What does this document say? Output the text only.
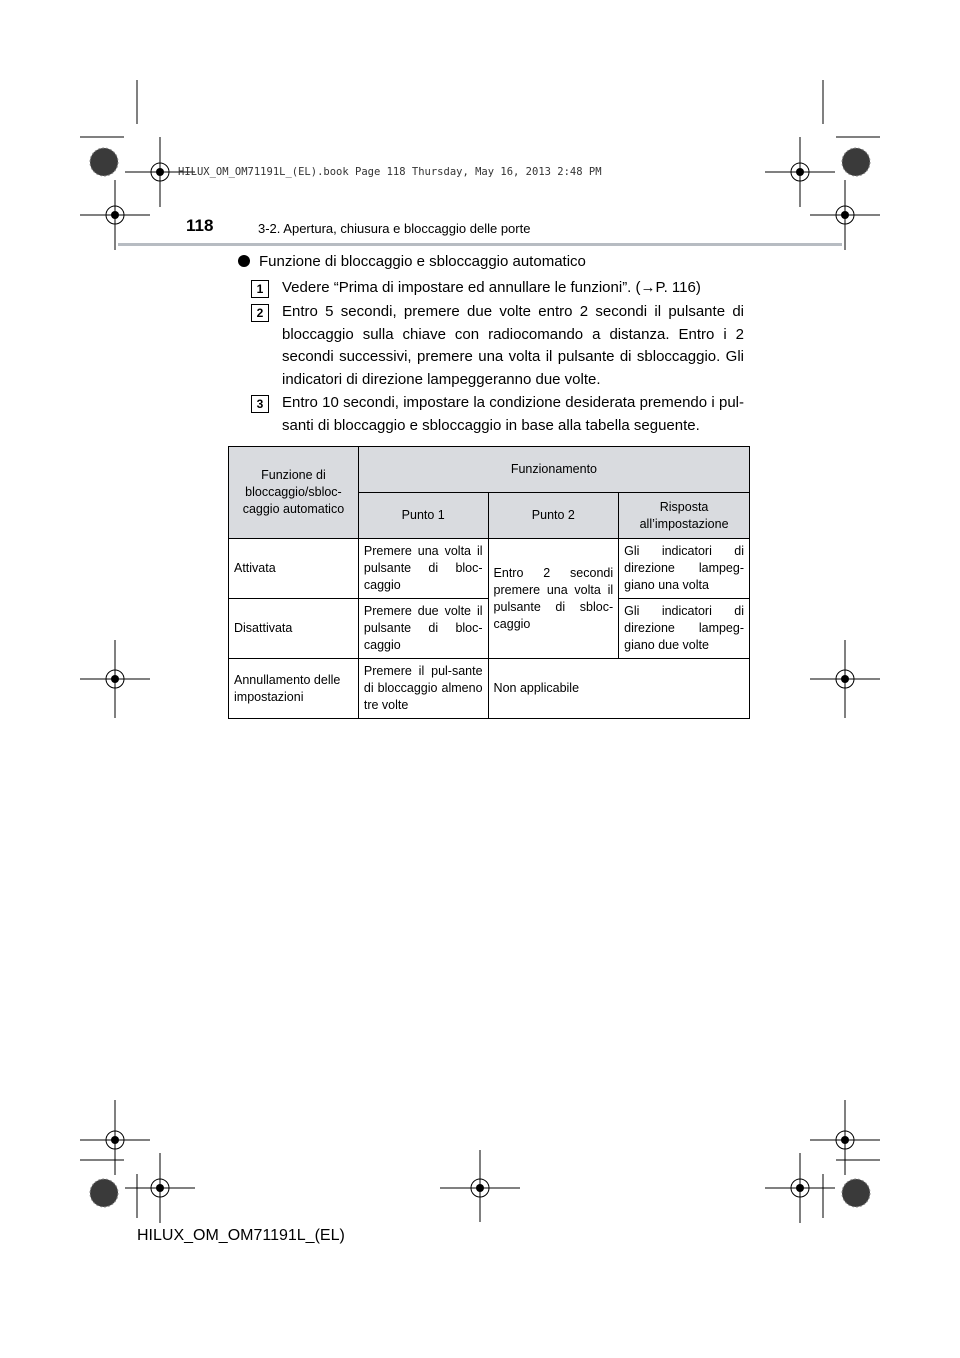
HILUX_OM_OM71191L_(EL).book Page 118 Thursday, May 16, 2013 2:48 PM
118	3-2. Apertura, chiusura e bloccaggio delle porte
Funzione di bloccaggio e sbloccaggio automatico
1	Vedere “Prima di impostare ed annullare le funzioni”. (→P. 116)
2	Entro 5 secondi, premere due volte entro 2 secondi il pulsante di bloccaggio sulla chiave con radiocomando a distanza. Entro i 2 secondi successivi, premere una volta il pulsante di sbloccaggio. Gli indicatori di direzione lampeggeranno due volte.
3	Entro 10 secondi, impostare la condizione desiderata premendo i pul-santi di bloccaggio e sbloccaggio in base alla tabella seguente.
Funzione di bloccaggio/sbloc-caggio automatico	Funzionamento		
	Punto 1	Punto 2	Risposta all’impostazione
Attivata	Premere una volta il pulsante di bloc-caggio	Entro 2 secondi premere una volta il pulsante di sbloc-caggio	Gli indicatori di direzione lampeg-giano una volta
Disattivata	Premere due volte il pulsante di bloc-caggio		Gli indicatori di direzione lampeg-giano due volte
Annullamento delle impostazioni	Premere il pul-sante di bloccaggio almeno tre volte	Non applicabile	
HILUX_OM_OM71191L_(EL)
